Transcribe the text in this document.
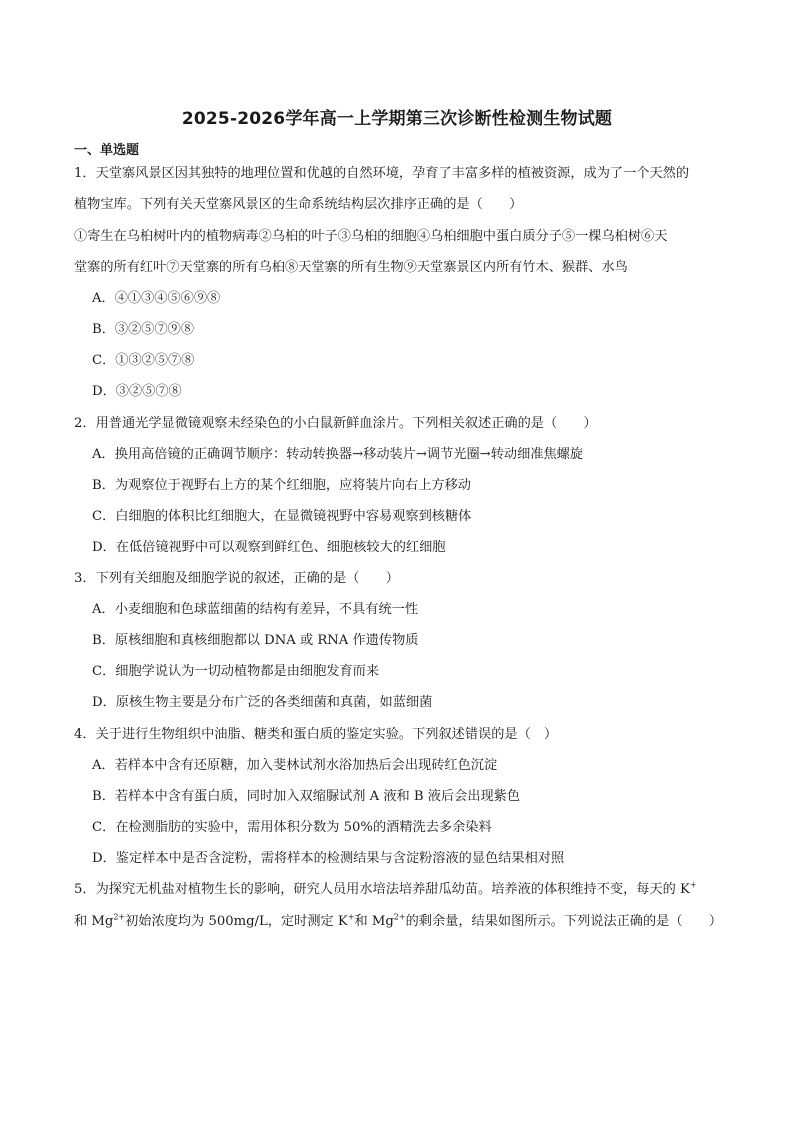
2025-2026学年高一上学期第三次诊断性检测生物试题
一、单选题
1．天堂寨风景区因其独特的地理位置和优越的自然环境，孕育了丰富多样的植被资源，成为了一个天然的
植物宝库。下列有关天堂寨风景区的生命系统结构层次排序正确的是（　　）
①寄生在乌桕树叶内的植物病毒②乌桕的叶子③乌桕的细胞④乌桕细胞中蛋白质分子⑤一棵乌桕树⑥天
堂寨的所有红叶⑦天堂寨的所有乌桕⑧天堂寨的所有生物⑨天堂寨景区内所有竹木、猴群、水鸟
A．④①③④⑤⑥⑨⑧
B．③②⑤⑦⑨⑧
C．①③②⑤⑦⑧
D．③②⑤⑦⑧
2．用普通光学显微镜观察未经染色的小白鼠新鲜血涂片。下列相关叙述正确的是（　　）
A．换用高倍镜的正确调节顺序：转动转换器→移动装片→调节光圈→转动细准焦螺旋
B．为观察位于视野右上方的某个红细胞，应将装片向右上方移动
C．白细胞的体积比红细胞大，在显微镜视野中容易观察到核糖体
D．在低倍镜视野中可以观察到鲜红色、细胞核较大的红细胞
3．下列有关细胞及细胞学说的叙述，正确的是（　　）
A．小麦细胞和色球蓝细菌的结构有差异，不具有统一性
B．原核细胞和真核细胞都以 DNA 或 RNA 作遗传物质
C．细胞学说认为一切动植物都是由细胞发育而来
D．原核生物主要是分布广泛的各类细菌和真菌，如蓝细菌
4．关于进行生物组织中油脂、糖类和蛋白质的鉴定实验。下列叙述错误的是（　）
A．若样本中含有还原糖，加入斐林试剂水浴加热后会出现砖红色沉淀
B．若样本中含有蛋白质，同时加入双缩脲试剂 A 液和 B 液后会出现紫色
C．在检测脂肪的实验中，需用体积分数为 50%的酒精洗去多余染料
D．鉴定样本中是否含淀粉，需将样本的检测结果与含淀粉溶液的显色结果相对照
5．为探究无机盐对植物生长的影响，研究人员用水培法培养甜瓜幼苗。培养液的体积维持不变，每天的 K+
和 $Mg^{2+}$初始浓度均为 500mg/L，定时测定 K+和 $Mg^{2+}$的剩余量，结果如图所示。下列说法正确的是（　　）
